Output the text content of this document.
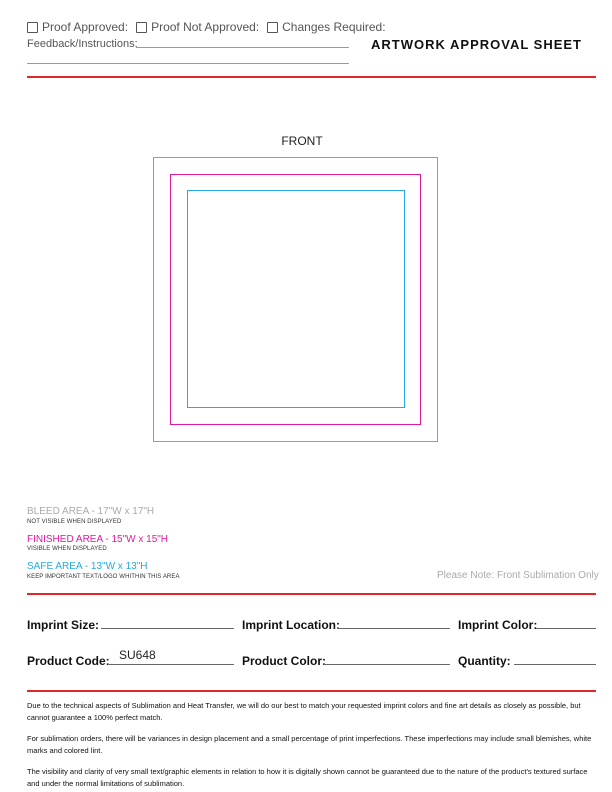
Proof Approved: Proof Not Approved: Changes Required:
Feedback/Instructions:	ARTWORK APPROVAL SHEET
FRONT
BLEED AREA - 17"W x 17"H
NOT VISIBLE WHEN DISPLAYED
FINISHED AREA - 15"W x 15"H
VISIBLE WHEN DISPLAYED
SAFE AREA - 13"W x 13"H
KEEP IMPORTANT TEXT/LOGO WHITHIN THIS AREA	Please Note: Front Sublimation Only
Imprint Size:	Imprint Location:	Imprint Color:
Product Code: SU648	Product Color:	Quantity:
Due to the technical aspects of Sublimation and Heat Transfer, we will do our best to match your requested imprint colors and fine art details as closely as possible, but cannot guarantee a 100% perfect match.
For sublimation orders, there will be variances in design placement and a small percentage of print imperfections. These imperfections may include small blemishes, white marks and colored lint.
The visibility and clarity of very small text/graphic elements in relation to how it is digitally shown cannot be guaranteed due to the nature of the product's textured surface and under the normal limitations of sublimation.
